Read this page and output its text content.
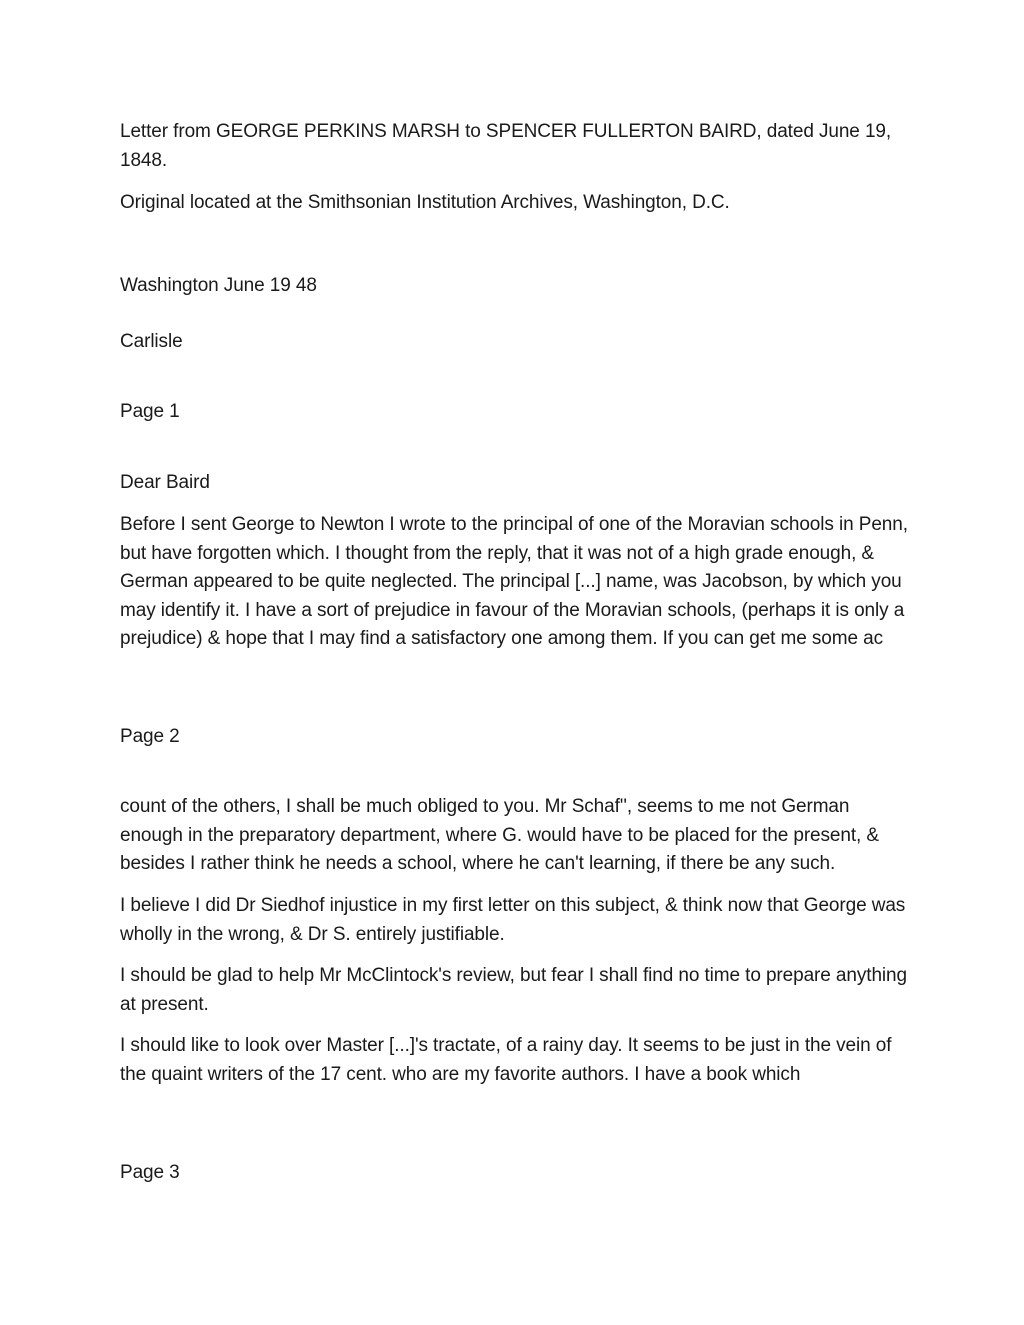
Letter from GEORGE PERKINS MARSH to SPENCER FULLERTON BAIRD, dated June 19, 1848.

Original located at the Smithsonian Institution Archives, Washington, D.C.

Washington June 19 48

Carlisle

Page 1

Dear Baird

Before I sent George to Newton I wrote to the principal of one of the Moravian schools in Penn, but have forgotten which. I thought from the reply, that it was not of a high grade enough, & German appeared to be quite neglected. The principal [...] name, was Jacobson, by which you may identify it. I have a sort of prejudice in favour of the Moravian schools, (perhaps it is only a prejudice) & hope that I may find a satisfactory one among them. If you can get me some ac

Page 2

count of the others, I shall be much obliged to you. Mr Schaf'', seems to me not German enough in the preparatory department, where G. would have to be placed for the present, & besides I rather think he needs a school, where he can't learning, if there be any such.

I believe I did Dr Siedhof injustice in my first letter on this subject, & think now that George was wholly in the wrong, & Dr S. entirely justifiable.

I should be glad to help Mr McClintock's review, but fear I shall find no time to prepare anything at present.

I should like to look over Master [...]'s tractate, of a rainy day. It seems to be just in the vein of the quaint writers of the 17 cent. who are my favorite authors. I have a book which

Page 3
